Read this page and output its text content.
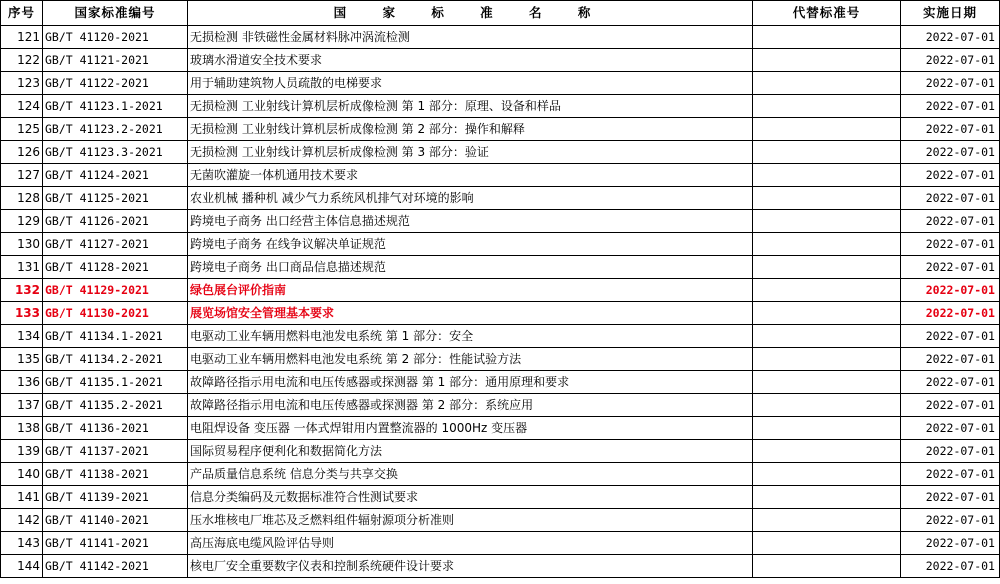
序号	国家标准编号	国 家 标 准 名 称	代替标准号	实施日期
121	GB/T 41120-2021	无损检测 非铁磁性金属材料脉冲涡流检测		2022-07-01
122	GB/T 41121-2021	玻璃水滑道安全技术要求		2022-07-01
123	GB/T 41122-2021	用于辅助建筑物人员疏散的电梯要求		2022-07-01
124	GB/T 41123.1-2021	无损检测 工业射线计算机层析成像检测 第 1 部分：原理、设备和样品		2022-07-01
125	GB/T 41123.2-2021	无损检测 工业射线计算机层析成像检测 第 2 部分：操作和解释		2022-07-01
126	GB/T 41123.3-2021	无损检测 工业射线计算机层析成像检测 第 3 部分：验证		2022-07-01
127	GB/T 41124-2021	无菌吹灌旋一体机通用技术要求		2022-07-01
128	GB/T 41125-2021	农业机械 播种机 减少气力系统风机排气对环境的影响		2022-07-01
129	GB/T 41126-2021	跨境电子商务 出口经营主体信息描述规范		2022-07-01
130	GB/T 41127-2021	跨境电子商务 在线争议解决单证规范		2022-07-01
131	GB/T 41128-2021	跨境电子商务 出口商品信息描述规范		2022-07-01
132	GB/T 41129-2021	绿色展台评价指南		2022-07-01
133	GB/T 41130-2021	展览场馆安全管理基本要求		2022-07-01
134	GB/T 41134.1-2021	电驱动工业车辆用燃料电池发电系统 第 1 部分：安全		2022-07-01
135	GB/T 41134.2-2021	电驱动工业车辆用燃料电池发电系统 第 2 部分：性能试验方法		2022-07-01
136	GB/T 41135.1-2021	故障路径指示用电流和电压传感器或探测器 第 1 部分：通用原理和要求		2022-07-01
137	GB/T 41135.2-2021	故障路径指示用电流和电压传感器或探测器 第 2 部分：系统应用		2022-07-01
138	GB/T 41136-2021	电阻焊设备 变压器 一体式焊钳用内置整流器的 1000Hz 变压器		2022-07-01
139	GB/T 41137-2021	国际贸易程序便利化和数据简化方法		2022-07-01
140	GB/T 41138-2021	产品质量信息系统 信息分类与共享交换		2022-07-01
141	GB/T 41139-2021	信息分类编码及元数据标准符合性测试要求		2022-07-01
142	GB/T 41140-2021	压水堆核电厂堆芯及乏燃料组件辐射源项分析准则		2022-07-01
143	GB/T 41141-2021	高压海底电缆风险评估导则		2022-07-01
144	GB/T 41142-2021	核电厂安全重要数字仪表和控制系统硬件设计要求		2022-07-01
